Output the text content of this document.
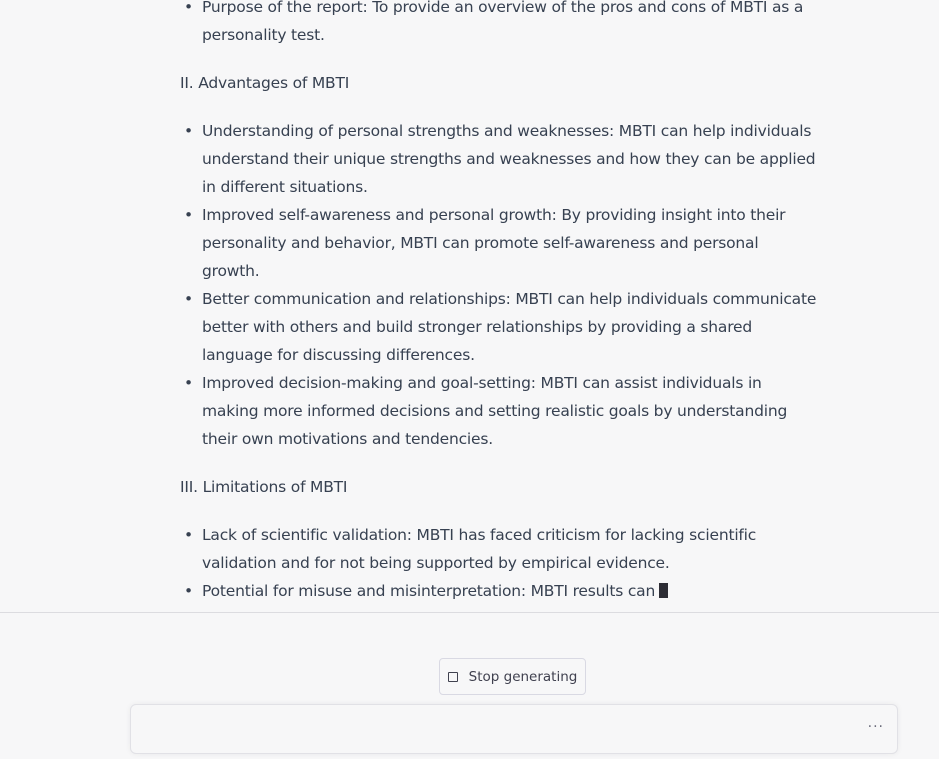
• Purpose of the report: To provide an overview of the pros and cons of MBTI as a personality test.
II. Advantages of MBTI
• Understanding of personal strengths and weaknesses: MBTI can help individuals understand their unique strengths and weaknesses and how they can be applied in different situations.
• Improved self-awareness and personal growth: By providing insight into their personality and behavior, MBTI can promote self-awareness and personal growth.
• Better communication and relationships: MBTI can help individuals communicate better with others and build stronger relationships by providing a shared language for discussing differences.
• Improved decision-making and goal-setting: MBTI can assist individuals in making more informed decisions and setting realistic goals by understanding their own motivations and tendencies.
III. Limitations of MBTI
• Lack of scientific validation: MBTI has faced criticism for lacking scientific validation and for not being supported by empirical evidence.
• Potential for misuse and misinterpretation: MBTI results can
Stop generating
···
